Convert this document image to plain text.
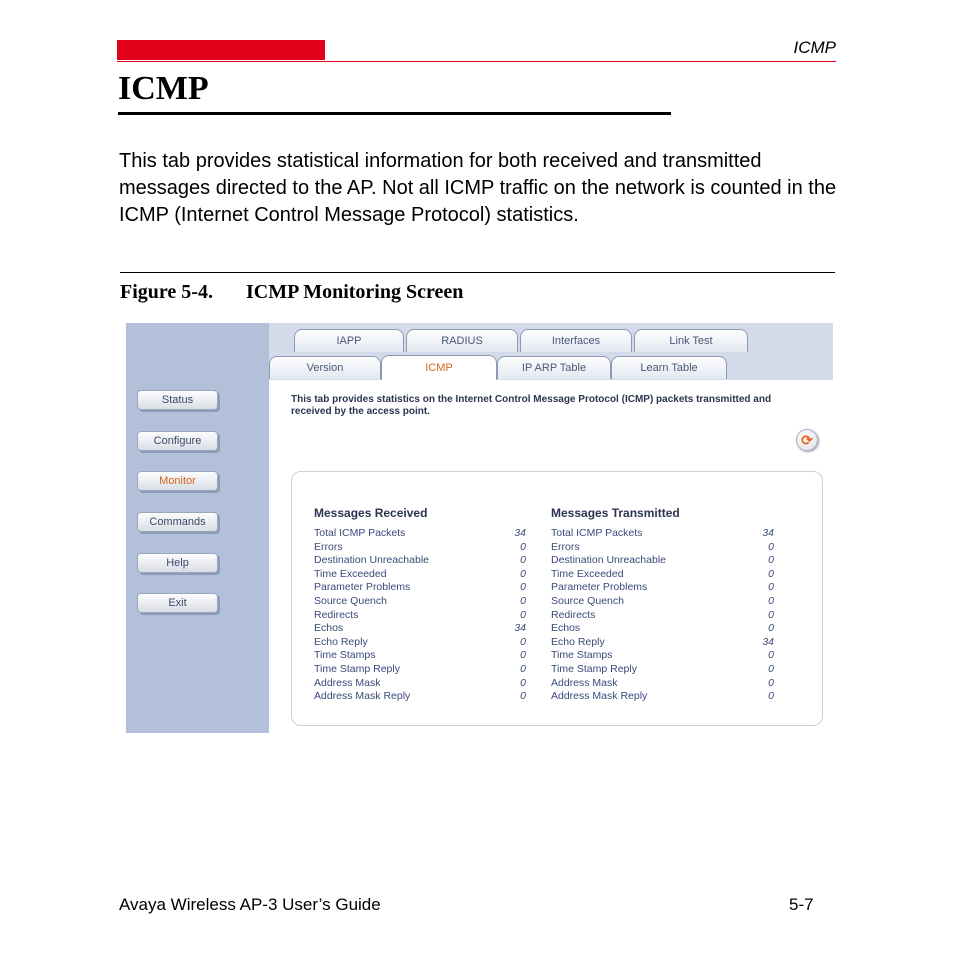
ICMP
ICMP
This tab provides statistical information for both received and transmitted messages directed to the AP. Not all ICMP traffic on the network is counted in the ICMP (Internet Control Message Protocol) statistics.
Figure 5-4. ICMP Monitoring Screen
Status
Configure
Monitor
Commands
Help
Exit
IAPP	RADIUS	Interfaces	Link Test
Version	ICMP	IP ARP Table	Learn Table
This tab provides statistics on the Internet Control Message Protocol (ICMP) packets transmitted and received by the access point.
⟳
Messages Received	Messages Transmitted
Total ICMP Packets	34
Errors	0
Destination Unreachable	0
Time Exceeded	0
Parameter Problems	0
Source Quench	0
Redirects	0
Echos	34
Echo Reply	0
Time Stamps	0
Time Stamp Reply	0
Address Mask	0
Address Mask Reply	0
Total ICMP Packets	34
Errors	0
Destination Unreachable	0
Time Exceeded	0
Parameter Problems	0
Source Quench	0
Redirects	0
Echos	0
Echo Reply	34
Time Stamps	0
Time Stamp Reply	0
Address Mask	0
Address Mask Reply	0
Avaya Wireless AP-3 User’s Guide	5-7
